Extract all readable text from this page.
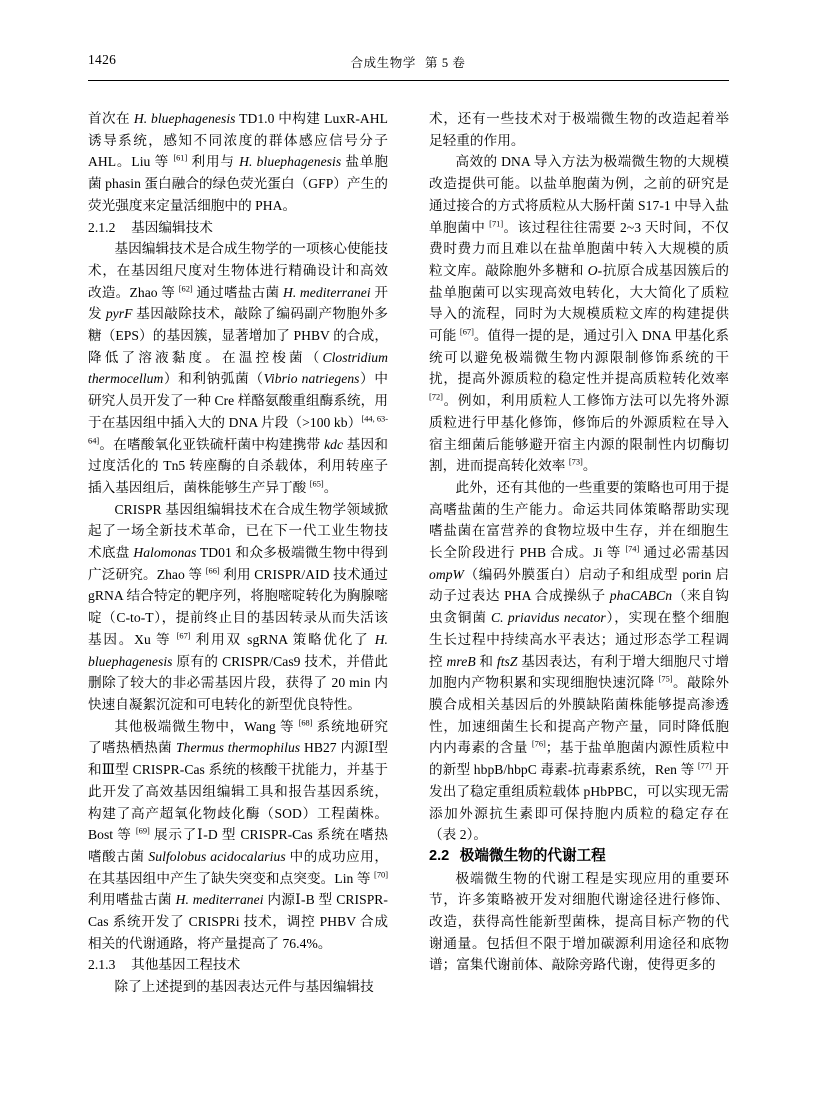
1426	合成生物学 第 5 卷

首次在 H. bluephagenesis TD1.0 中构建 LuxR-AHL 诱导系统，感知不同浓度的群体感应信号分子 AHL。Liu 等 [61] 利用与 H. bluephagenesis 盐单胞菌 phasin 蛋白融合的绿色荧光蛋白（GFP）产生的荧光强度来定量活细胞中的 PHA。

2.1.2 基因编辑技术

基因编辑技术是合成生物学的一项核心使能技术，在基因组尺度对生物体进行精确设计和高效改造。Zhao 等 [62] 通过嗜盐古菌 H. mediterranei 开发 pyrF 基因敲除技术，敲除了编码副产物胞外多糖（EPS）的基因簇，显著增加了 PHBV 的合成，降低了溶液黏度。在温控梭菌（Clostridium thermocellum）和利钠弧菌（Vibrio natriegens）中研究人员开发了一种 Cre 样酪氨酸重组酶系统，用于在基因组中插入大的 DNA 片段（>100 kb）[44, 63-64]。在嗜酸氧化亚铁硫杆菌中构建携带 kdc 基因和过度活化的 Tn5 转座酶的自杀载体，利用转座子插入基因组后，菌株能够生产异丁酸 [65]。

CRISPR 基因组编辑技术在合成生物学领域掀起了一场全新技术革命，已在下一代工业生物技术底盘 Halomonas TD01 和众多极端微生物中得到广泛研究。Zhao 等 [66] 利用 CRISPR/AID 技术通过 gRNA 结合特定的靶序列，将胞嘧啶转化为胸腺嘧啶（C-to-T），提前终止目的基因转录从而失活该基因。Xu 等 [67] 利用双 sgRNA 策略优化了 H. bluephagenesis 原有的 CRISPR/Cas9 技术，并借此删除了较大的非必需基因片段，获得了 20 min 内快速自凝絮沉淀和可电转化的新型优良特性。

其他极端微生物中，Wang 等 [68] 系统地研究了嗜热栖热菌 Thermus thermophilus HB27 内源Ⅰ型和Ⅲ型 CRISPR-Cas 系统的核酸干扰能力，并基于此开发了高效基因组编辑工具和报告基因系统，构建了高产超氧化物歧化酶（SOD）工程菌株。Bost 等 [69] 展示了Ⅰ-D 型 CRISPR-Cas 系统在嗜热嗜酸古菌 Sulfolobus acidocalarius 中的成功应用，在其基因组中产生了缺失突变和点突变。Lin 等 [70] 利用嗜盐古菌 H. mediterranei 内源Ⅰ-B 型 CRISPR-Cas 系统开发了 CRISPRi 技术，调控 PHBV 合成相关的代谢通路，将产量提高了 76.4%。

2.1.3 其他基因工程技术

除了上述提到的基因表达元件与基因编辑技

术，还有一些技术对于极端微生物的改造起着举足轻重的作用。

高效的 DNA 导入方法为极端微生物的大规模改造提供可能。以盐单胞菌为例，之前的研究是通过接合的方式将质粒从大肠杆菌 S17-1 中导入盐单胞菌中 [71]。该过程往往需要 2~3 天时间，不仅费时费力而且难以在盐单胞菌中转入大规模的质粒文库。敲除胞外多糖和 O-抗原合成基因簇后的盐单胞菌可以实现高效电转化，大大简化了质粒导入的流程，同时为大规模质粒文库的构建提供可能 [67]。值得一提的是，通过引入 DNA 甲基化系统可以避免极端微生物内源限制修饰系统的干扰，提高外源质粒的稳定性并提高质粒转化效率 [72]。例如，利用质粒人工修饰方法可以先将外源质粒进行甲基化修饰，修饰后的外源质粒在导入宿主细菌后能够避开宿主内源的限制性内切酶切割，进而提高转化效率 [73]。

此外，还有其他的一些重要的策略也可用于提高嗜盐菌的生产能力。命运共同体策略帮助实现嗜盐菌在富营养的食物垃圾中生存，并在细胞生长全阶段进行 PHB 合成。Ji 等 [74] 通过必需基因 ompW（编码外膜蛋白）启动子和组成型 porin 启动子过表达 PHA 合成操纵子 phaCABCn（来自钩虫贪铜菌 C. priavidus necator），实现在整个细胞生长过程中持续高水平表达；通过形态学工程调控 mreB 和 ftsZ 基因表达，有利于增大细胞尺寸增加胞内产物积累和实现细胞快速沉降 [75]。敲除外膜合成相关基因后的外膜缺陷菌株能够提高渗透性，加速细菌生长和提高产物产量，同时降低胞内内毒素的含量 [76]；基于盐单胞菌内源性质粒中的新型 hbpB/hbpC 毒素-抗毒素系统，Ren 等 [77] 开发出了稳定重组质粒载体 pHbPBC，可以实现无需添加外源抗生素即可保持胞内质粒的稳定存在（表 2）。

2.2 极端微生物的代谢工程

极端微生物的代谢工程是实现应用的重要环节，许多策略被开发对细胞代谢途径进行修饰、改造，获得高性能新型菌株，提高目标产物的代谢通量。包括但不限于增加碳源利用途径和底物谱；富集代谢前体、敲除旁路代谢，使得更多的
